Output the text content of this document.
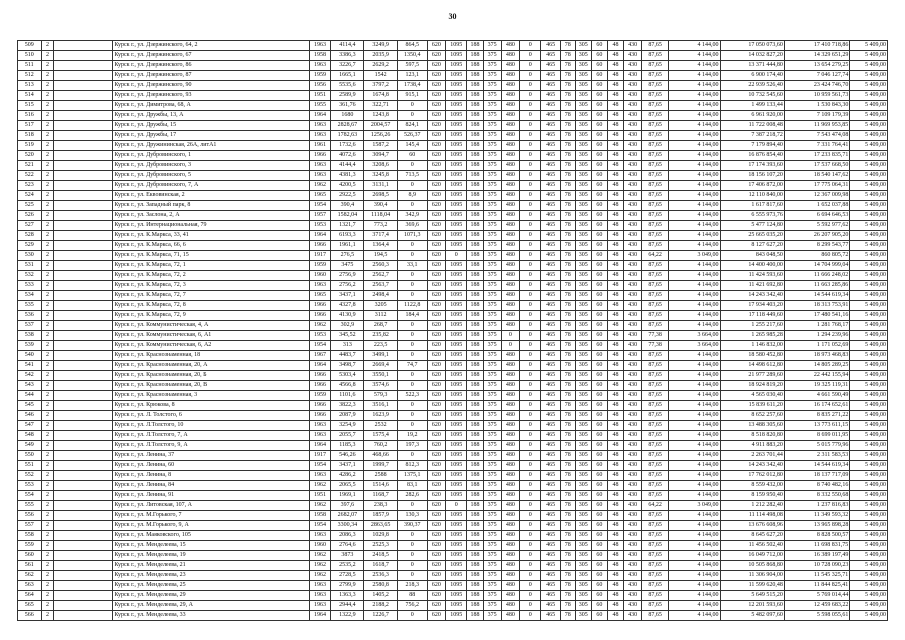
30
509	2		Курск г., ул. Дзержинского, 64, 2	1963	4114,4	3249,9	864,5	620	1095	188	375	480	0	465	78	305	60	48	430	87,65	4 144,00	17 050 073,60	17 410 718,86	5 409,00
510	2		Курск г., ул. Дзержинского, 67	1958	3386,3	2035,9	1350,4	620	1095	188	375	480	0	465	78	305	60	48	430	87,65	4 144,00	14 032 827,20	14 329 651,29	5 409,00
511	2		Курск г., ул. Дзержинского, 86	1963	3226,7	2629,2	597,5	620	1095	188	375	480	0	465	78	305	60	48	430	87,65	4 144,00	13 371 444,80	13 654 279,25	5 409,00
512	2		Курск г., ул. Дзержинского, 87	1959	1665,1	1542	123,1	620	1095	188	375	480	0	465	78	305	60	48	430	87,65	4 144,00	6 900 174,40	7 046 127,74	5 409,00
513	2		Курск г., ул. Дзержинского, 90	1956	5535,6	3797,2	1738,4	620	1095	188	375	480	0	465	78	305	60	48	430	87,65	4 144,00	22 939 526,40	23 424 746,70	5 409,00
514	2		Курск г., ул. Дзержинского, 93	1951	2589,9	1674,8	915,1	620	1095	188	375	480	0	465	78	305	60	48	430	87,65	4 144,00	10 732 545,60	10 959 561,73	5 409,00
515	2		Курск г., ул. Димитрова, 68, А	1955	361,76	322,71	0	620	1095	188	375	480	0	465	78	305	60	48	430	87,65	4 144,00	1 499 133,44	1 530 843,30	5 409,00
516	2		Курск г., ул. Дружбы, 13, А	1964	1680	1243,8	0	620	1095	188	375	480	0	465	78	305	60	48	430	87,65	4 144,00	6 961 920,00	7 109 179,39	5 409,00
517	2		Курск г., ул. Дружбы, 15	1963	2828,67	2004,57	824,1	620	1095	188	375	480	0	465	78	305	60	48	430	87,65	4 144,00	11 722 008,48	11 969 953,85	5 409,00
518	2		Курск г., ул. Дружбы, 17	1963	1782,63	1256,26	526,37	620	1095	188	375	480	0	465	78	305	60	48	430	87,65	4 144,00	7 387 218,72	7 543 474,08	5 409,00
519	2		Курск г., ул. Дружининская, 26А, литА1	1961	1732,6	1587,2	145,4	620	1095	188	375	480	0	465	78	305	60	48	430	87,65	4 144,00	7 179 894,40	7 331 764,41	5 409,00
520	2		Курск г., ул. Дубровинского, 1	1966	4072,6	3094,7	60	620	1095	188	375	480	0	465	78	305	60	48	430	87,65	4 144,00	16 876 854,40	17 233 835,71	5 409,00
521	2		Курск г., ул. Дубровинского, 3	1963	4144,4	3208,6	0	620	1095	188	375	480	0	465	78	305	60	48	430	87,65	4 144,00	17 174 393,60	17 537 668,50	5 409,00
522	2		Курск г., ул. Дубровинского, 5	1963	4381,3	3245,8	713,5	620	1095	188	375	480	0	465	78	305	60	48	430	87,65	4 144,00	18 156 107,20	18 540 147,62	5 409,00
523	2		Курск г., ул. Дубровинского, 7, А	1962	4200,5	3131,1	0	620	1095	188	375	480	0	465	78	305	60	48	430	87,65	4 144,00	17 406 872,00	17 775 064,31	5 409,00
524	2		Курск г., ул. Еквовинская, 2	1965	2922,5	2698,5	8,9	620	1095	188	375	480	0	465	78	305	60	48	430	87,65	4 144,00	12 110 840,00	12 367 009,98	5 409,00
525	2		Курск г., ул. Западный парк, 8	1954	390,4	390,4	0	620	1095	188	375	480	0	465	78	305	60	48	430	87,65	4 144,00	1 617 817,60	1 652 037,88	5 409,00
526	2		Курск г., ул. Заслона, 2, А	1957	1582,04	1118,04	342,9	620	1095	188	375	480	0	465	78	305	60	48	430	87,65	4 144,00	6 555 973,76	6 694 646,53	5 409,00
527	2		Курск г., ул. Интернациональная, 79	1953	1321,7	773,2	369,6	620	1095	188	375	480	0	465	78	305	60	48	430	87,65	4 144,00	5 477 124,80	5 592 977,62	5 409,00
528	2		Курск г., ул. К.Маркса, 33, 41	1964	6193,3	3717,4	1071,3	620	1095	188	375	480	0	465	78	305	60	48	430	87,65	4 144,00	25 665 035,20	26 207 905,20	5 409,00
529	2		Курск г., ул. К.Маркса, 66, 6	1966	1961,1	1364,4	0	620	1095	188	375	480	0	465	78	305	60	48	430	87,65	4 144,00	8 127 627,20	8 299 543,77	5 409,00
530	2		Курск г., ул. К.Маркса, 71, 15	1917	276,5	194,5	0	620	0	188	375	480	0	465	78	305	60	48	430	64,22	3 049,00	843 048,50	860 805,72	5 409,00
531	2		Курск г., ул. К.Маркса, 72, 1	1959	3475	2560,3	33,1	620	1095	188	375	480	0	465	78	305	60	48	430	87,65	4 144,00	14 400 400,00	14 704 999,04	5 409,00
532	2		Курск г., ул. К.Маркса, 72, 2	1960	2756,9	2562,7	0	620	1095	188	375	480	0	465	78	305	60	48	430	87,65	4 144,00	11 424 593,60	11 666 248,02	5 409,00
533	2		Курск г., ул. К.Маркса, 72, 3	1963	2756,2	2563,7	0	620	1095	188	375	480	0	465	78	305	60	48	430	87,65	4 144,00	11 421 692,80	11 663 285,86	5 409,00
534	2		Курск г., ул. К.Маркса, 72, 7	1965	3437,1	2498,4	0	620	1095	188	375	480	0	465	78	305	60	48	430	87,65	4 144,00	14 243 342,40	14 544 619,34	5 409,00
535	2		Курск г., ул. К.Маркса, 72, 8	1966	4327,8	3205	1122,8	620	1095	188	375	480	0	465	78	305	60	48	430	87,65	4 144,00	17 934 403,20	18 313 753,91	5 409,00
536	2		Курск г., ул. К.Маркса, 72, 9	1966	4130,9	3112	184,4	620	1095	188	375	480	0	465	78	305	60	48	430	87,65	4 144,00	17 118 449,60	17 480 541,16	5 409,00
537	2		Курск г., ул. Коммунистическая, 4, А	1962	302,9	268,7	0	620	1095	188	375	480	0	465	78	305	60	48	430	87,65	4 144,00	1 255 217,60	1 281 768,17	5 409,00
538	2		Курск г., ул. Коммунистическая, 6, А1	1953	345,52	235,82	0	620	1095	188	375	0	0	465	78	305	60	48	430	77,38	3 664,00	1 265 985,28	1 294 239,96	5 409,00
539	2		Курск г., ул. Коммунистическая, 6, А2	1954	313	223,5	0	620	1095	188	375	0	0	465	78	305	60	48	430	77,38	3 664,00	1 146 832,00	1 171 052,69	5 409,00
540	2		Курск г., ул. Краснознаменная, 18	1967	4483,7	3499,1	0	620	1095	188	375	480	0	465	78	305	60	48	430	87,65	4 144,00	18 580 452,80	18 973 468,83	5 409,00
541	2		Курск г., ул. Краснознаменная, 20, А	1964	3498,7	2669,4	74,7	620	1095	188	375	480	0	465	78	305	60	48	430	87,65	4 144,00	14 498 612,80	14 805 289,25	5 409,00
542	2		Курск г., ул. Краснознаменная, 20, Б	1966	5303,4	3550,1	0	620	1095	188	375	480	0	465	78	305	60	48	430	87,65	4 144,00	21 977 289,60	22 442 155,94	5 409,00
543	2		Курск г., ул. Краснознаменная, 20, В	1966	4566,8	3574,6	0	620	1095	188	375	480	0	465	78	305	60	48	430	87,65	4 144,00	18 924 819,20	19 325 119,31	5 409,00
544	2		Курск г., ул. Краснознаменная, 3	1959	1101,6	579,3	522,3	620	1095	188	375	480	0	465	78	305	60	48	430	87,65	4 144,00	4 565 030,40	4 661 590,49	5 409,00
545	2		Курск г., ул. Крюкова, 8	1966	3822,3	3516,1	0	620	1095	188	375	480	0	465	78	305	60	48	430	87,65	4 144,00	15 839 611,20	16 174 652,61	5 409,00
546	2		Курск г., ул. Л. Толстого, 6	1966	2087,9	1623,9	0	620	1095	188	375	480	0	465	78	305	60	48	430	87,65	4 144,00	8 652 257,60	8 835 271,22	5 409,00
547	2		Курск г., ул. Л.Толстого, 10	1963	3254,9	2532	0	620	1095	188	375	480	0	465	78	305	60	48	430	87,65	4 144,00	13 488 305,60	13 773 611,15	5 409,00
548	2		Курск г., ул. Л.Толстого, 7, А	1963	2055,7	1575,4	19,2	620	1095	188	375	480	0	465	78	305	60	48	430	87,65	4 144,00	8 518 820,80	8 699 011,95	5 409,00
549	2		Курск г., ул. Л.Толстого, 9, А	1964	1185,3	760,2	197,3	620	1095	188	375	480	0	465	78	305	60	48	430	87,65	4 144,00	4 911 883,20	5 015 779,96	5 409,00
550	2		Курск г., ул. Ленина, 37	1917	546,26	468,66	0	620	1095	188	375	480	0	465	78	305	60	48	430	87,65	4 144,00	2 263 701,44	2 311 583,53	5 409,00
551	2		Курск г., ул. Ленина, 60	1954	3437,1	1999,7	812,3	620	1095	188	375	480	0	465	78	305	60	48	430	87,65	4 144,00	14 243 342,40	14 544 619,34	5 409,00
552	2		Курск г., ул. Ленина, 8	1963	4286,2	2588	1375,1	620	1095	188	375	480	0	465	78	305	60	48	430	87,65	4 144,00	17 762 012,80	18 137 717,09	5 409,00
553	2		Курск г., ул. Ленина, 84	1962	2065,5	1514,6	83,1	620	1095	188	375	480	0	465	78	305	60	48	430	87,65	4 144,00	8 559 432,00	8 740 482,16	5 409,00
554	2		Курск г., ул. Ленина, 91	1951	1969,1	1168,7	282,6	620	1095	188	375	480	0	465	78	305	60	48	430	87,65	4 144,00	8 159 950,40	8 332 550,68	5 409,00
555	2		Курск г., ул. Литовская, 107, А	1962	397,6	238,3	0	620	0	188	375	480	0	465	78	305	60	48	430	64,22	3 049,00	1 212 282,40	1 237 816,83	5 409,00
556	2		Курск г., ул. М.Горького, 7	1958	2682,07	1857,9	130,3	620	1095	188	375	480	0	465	78	305	60	48	430	87,65	4 144,00	11 114 498,08	11 349 593,32	5 409,00
557	2		Курск г., ул. М.Горького, 9, А	1954	3300,34	2863,65	390,37	620	1095	188	375	480	0	465	78	305	60	48	430	87,65	4 144,00	13 676 608,96	13 965 898,28	5 409,00
558	2		Курск г., ул. Маяковского, 105	1963	2086,3	1029,8	0	620	1095	188	375	480	0	465	78	305	60	48	430	87,65	4 144,00	8 645 627,20	8 828 500,57	5 409,00
559	2		Курск г., ул. Менделеева, 15	1960	2764,6	2525,3	0	620	1095	188	375	480	0	465	78	305	60	48	430	87,65	4 144,00	11 456 502,40	11 698 831,75	5 409,00
560	2		Курск г., ул. Менделеева, 19	1962	3873	2418,5	0	620	1095	188	375	480	0	465	78	305	60	48	430	87,65	4 144,00	16 049 712,00	16 389 197,49	5 409,00
561	2		Курск г., ул. Менделеева, 21	1962	2535,2	1618,7	0	620	1095	188	375	480	0	465	78	305	60	48	430	87,65	4 144,00	10 505 868,80	10 728 090,23	5 409,00
562	2		Курск г., ул. Менделеева, 23	1962	2728,5	2536,3	0	620	1095	188	375	480	0	465	78	305	60	48	430	87,65	4 144,00	11 306 904,00	11 545 325,71	5 409,00
563	2		Курск г., ул. Менделеева, 25	1963	2799,9	2580,8	218,3	620	1095	188	375	480	0	465	78	305	60	48	430	87,65	4 144,00	11 599 620,48	11 844 825,41	5 409,00
564	2		Курск г., ул. Менделеева, 29	1963	1363,3	1405,2	88	620	1095	188	375	480	0	465	78	305	60	48	430	87,65	4 144,00	5 649 515,20	5 769 014,44	5 409,00
565	2		Курск г., ул. Менделеева, 29, А	1963	2944,4	2188,2	756,2	620	1095	188	375	480	0	465	78	305	60	48	430	87,65	4 144,00	12 201 593,60	12 459 683,22	5 409,00
566	2		Курск г., ул. Менделеева, 33	1964	1322,9	1226,7	0	620	1095	188	375	480	0	465	78	305	60	48	430	87,65	4 144,00	5 482 097,60	5 598 055,61	5 409,00
